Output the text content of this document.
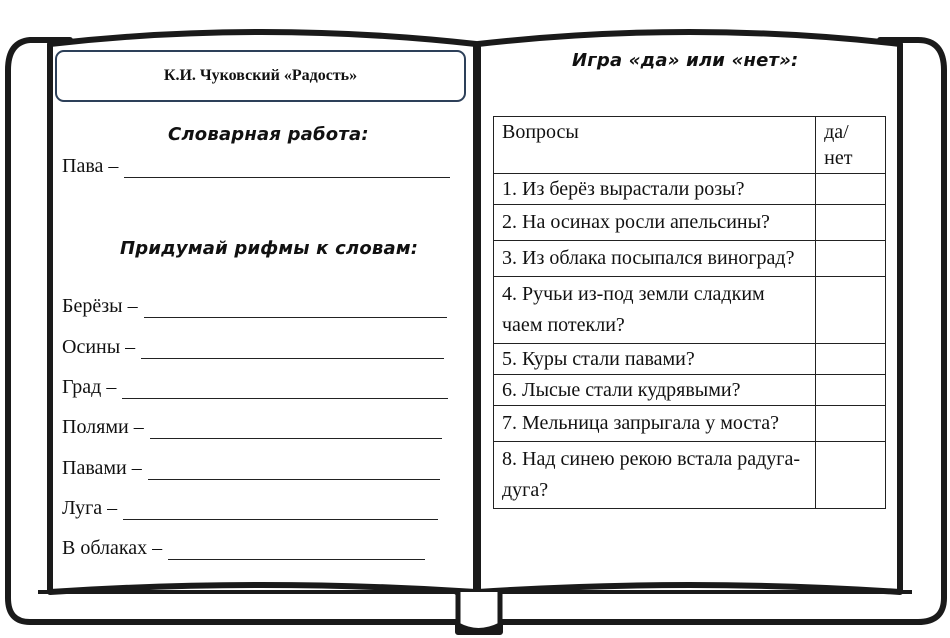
К.И. Чуковский «Радость»
Словарная работа:
Пава –
Придумай рифмы к словам:
Берёзы –
Осины –
Град –
Полями –
Павами –
Луга –
В облаках –
Игра «да» или «нет»:
Вопросы	да/нет
1. Из берёз вырастали розы?	
2. На осинах росли апельсины?	
3. Из облака посыпался виноград?	
4. Ручьи из-под земли сладким чаем потекли?	
5. Куры стали павами?	
6. Лысые стали кудрявыми?	
7. Мельница запрыгала у моста?	
8. Над синею рекою встала радуга-дуга?	
